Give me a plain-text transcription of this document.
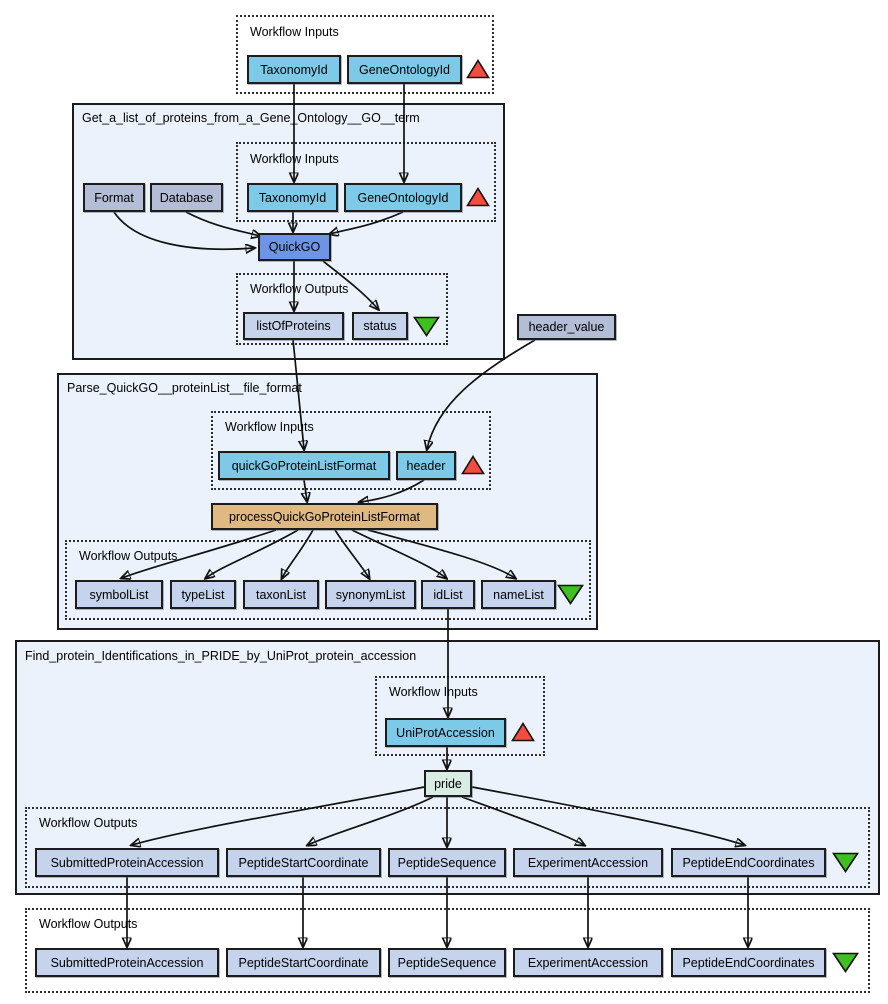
Workflow Inputs
Get_a_list_of_proteins_from_a_Gene_Ontology__GO__term
Workflow Inputs
Workflow Outputs
Parse_QuickGO__proteinList__file_format
Workflow Inputs
Workflow Outputs
Find_protein_Identifications_in_PRIDE_by_UniProt_protein_accession
Workflow Inputs
Workflow Outputs
Workflow Outputs
TaxonomyId	GeneOntologyId
Format	Database	TaxonomyId	GeneOntologyId
QuickGO
listOfProteins	status	header_value
quickGoProteinListFormat	header
processQuickGoProteinListFormat
symbolList	typeList	taxonList	synonymList	idList	nameList
UniProtAccession
pride
SubmittedProteinAccession	PeptideStartCoordinate	PeptideSequence	ExperimentAccession	PeptideEndCoordinates
SubmittedProteinAccession	PeptideStartCoordinate	PeptideSequence	ExperimentAccession	PeptideEndCoordinates
